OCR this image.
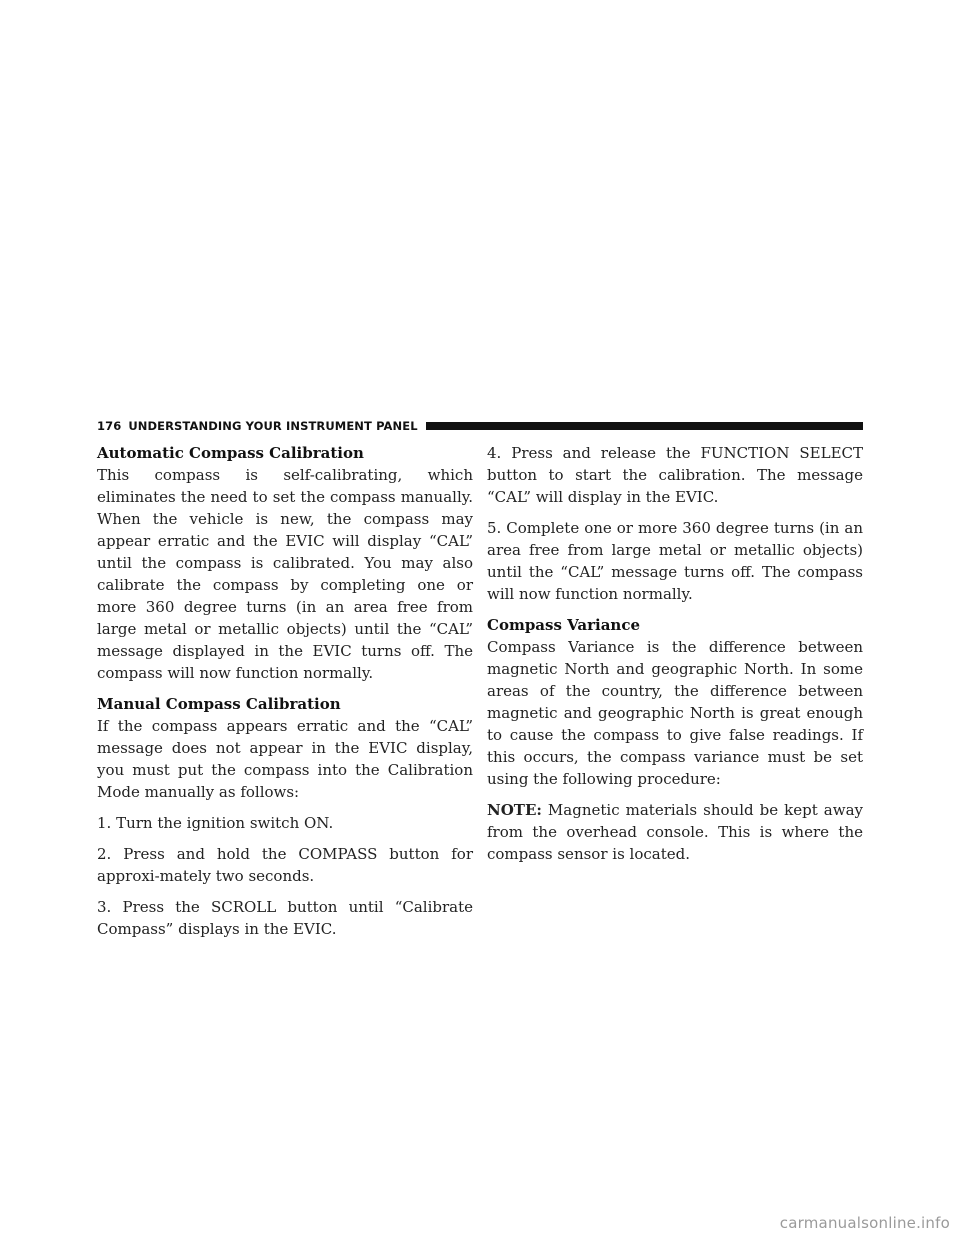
176 UNDERSTANDING YOUR INSTRUMENT PANEL
Automatic Compass Calibration

This compass is self-calibrating, which eliminates the need to set the compass manually. When the vehicle is new, the compass may appear erratic and the EVIC will display “CAL” until the compass is calibrated. You may also calibrate the compass by completing one or more 360 degree turns (in an area free from large metal or metallic objects) until the “CAL” message displayed in the EVIC turns off. The compass will now function normally.

Manual Compass Calibration

If the compass appears erratic and the “CAL” message does not appear in the EVIC display, you must put the compass into the Calibration Mode manually as follows:

1. Turn the ignition switch ON.

2. Press and hold the COMPASS button for approxi-mately two seconds.

3. Press the SCROLL button until “Calibrate Compass” displays in the EVIC.

4. Press and release the FUNCTION SELECT button to start the calibration. The message “CAL” will display in the EVIC.

5. Complete one or more 360 degree turns (in an area free from large metal or metallic objects) until the “CAL” message turns off. The compass will now function normally.

Compass Variance

Compass Variance is the difference between magnetic North and geographic North. In some areas of the country, the difference between magnetic and geographic North is great enough to cause the compass to give false readings. If this occurs, the compass variance must be set using the following procedure:

NOTE: Magnetic materials should be kept away from the overhead console. This is where the compass sensor is located.

carmanualsonline.info
